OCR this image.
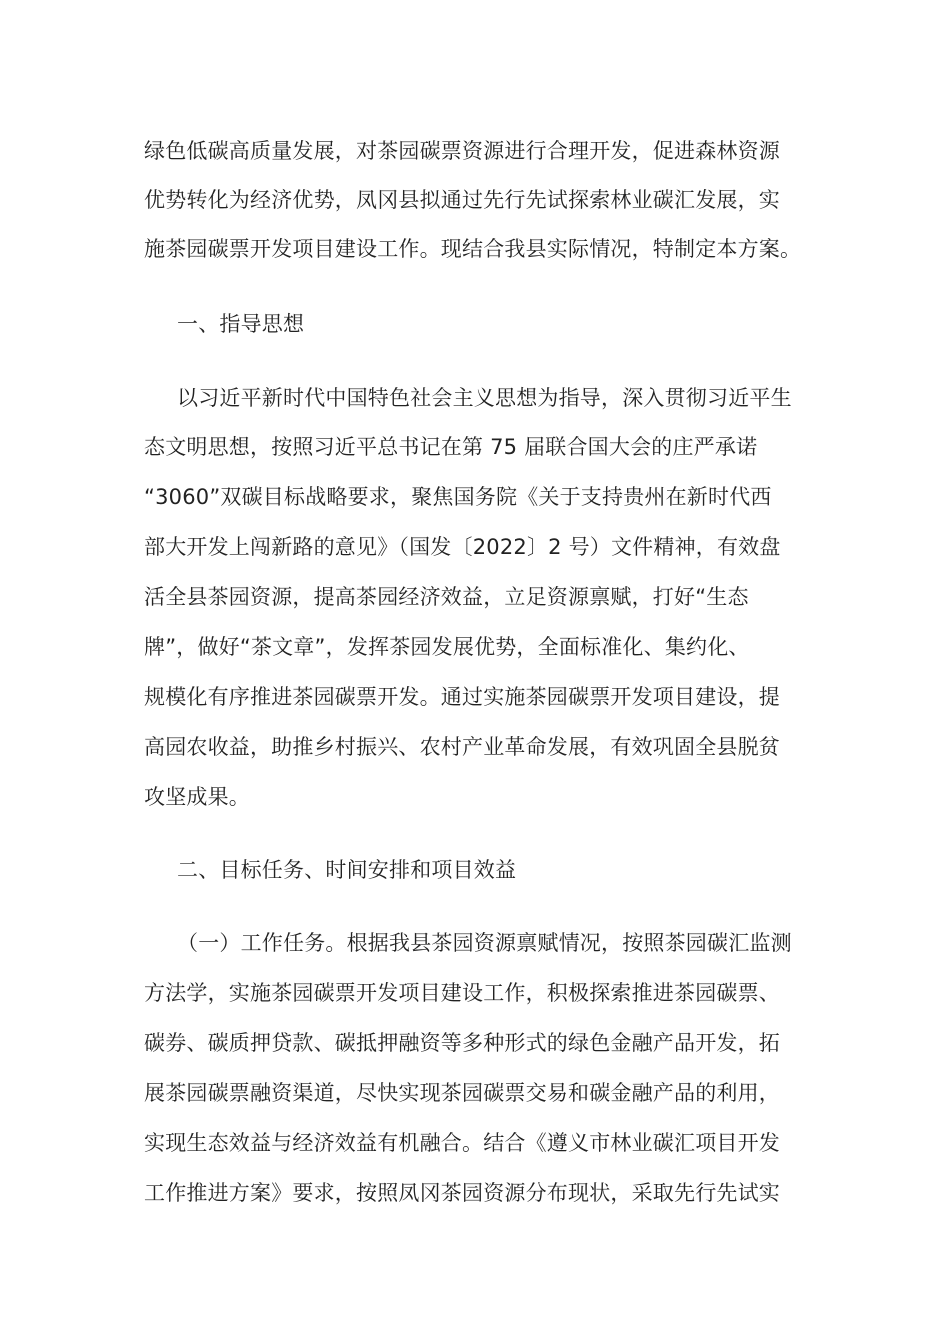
绿色低碳高质量发展，对茶园碳票资源进行合理开发，促进森林资源

优势转化为经济优势，凤冈县拟通过先行先试探索林业碳汇发展，实

施茶园碳票开发项目建设工作。现结合我县实际情况，特制定本方案。

一、指导思想

以习近平新时代中国特色社会主义思想为指导，深入贯彻习近平生

态文明思想，按照习近平总书记在第 75 届联合国大会的庄严承诺

“3060”双碳目标战略要求，聚焦国务院《关于支持贵州在新时代西

部大开发上闯新路的意见》（国发〔2022〕2 号）文件精神，有效盘

活全县茶园资源，提高茶园经济效益，立足资源禀赋，打好“生态

牌”，做好“茶文章”，发挥茶园发展优势，全面标准化、集约化、

规模化有序推进茶园碳票开发。通过实施茶园碳票开发项目建设，提

高园农收益，助推乡村振兴、农村产业革命发展，有效巩固全县脱贫

攻坚成果。

二、目标任务、时间安排和项目效益

（一）工作任务。根据我县茶园资源禀赋情况，按照茶园碳汇监测

方法学，实施茶园碳票开发项目建设工作，积极探索推进茶园碳票、

碳券、碳质押贷款、碳抵押融资等多种形式的绿色金融产品开发，拓

展茶园碳票融资渠道，尽快实现茶园碳票交易和碳金融产品的利用，

实现生态效益与经济效益有机融合。结合《遵义市林业碳汇项目开发

工作推进方案》要求，按照凤冈茶园资源分布现状，采取先行先试实
